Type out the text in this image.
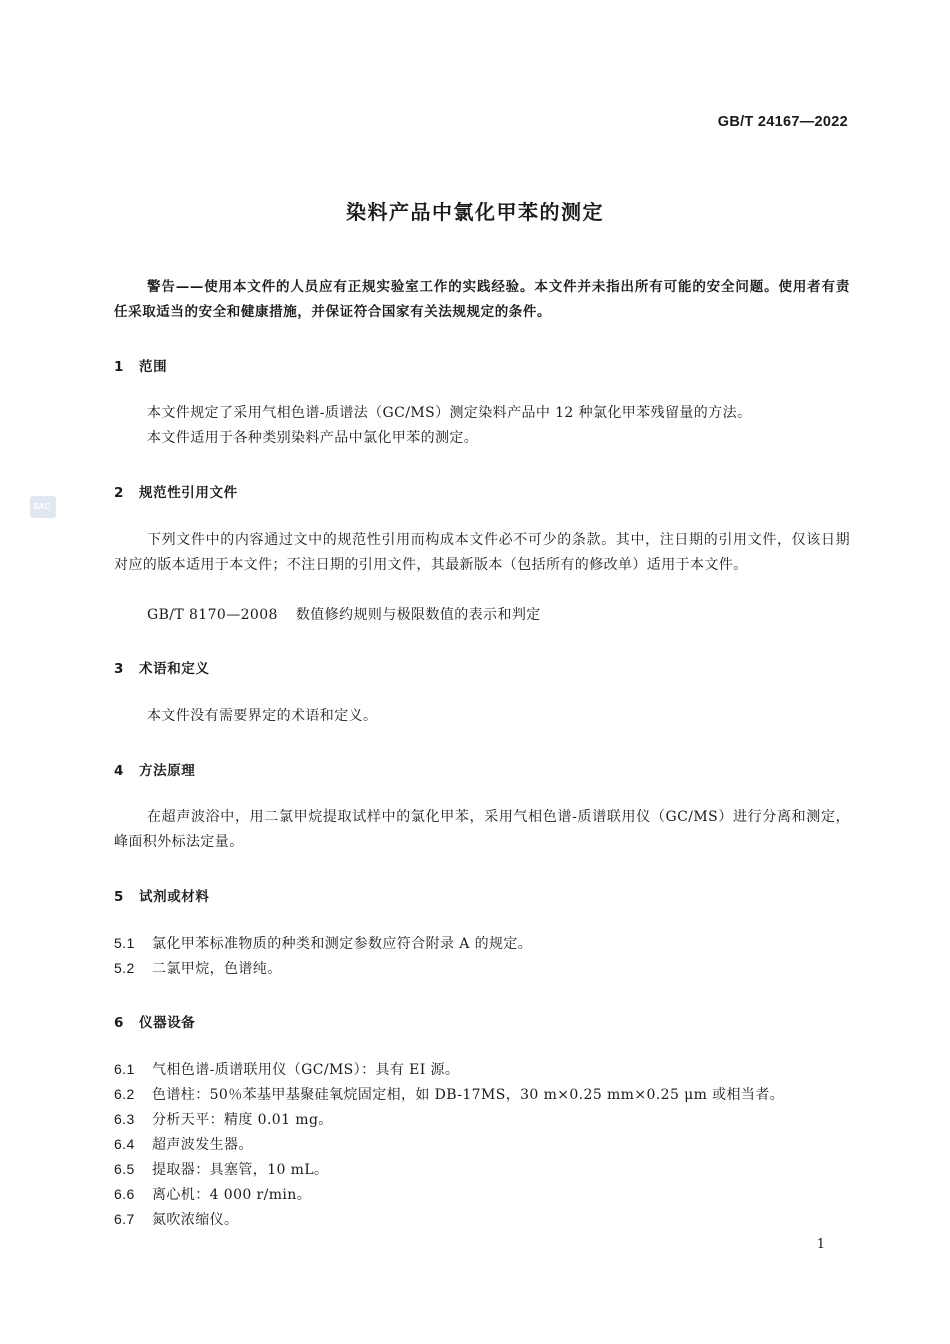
GB/T 24167—2022
染料产品中氯化甲苯的测定
警告——使用本文件的人员应有正规实验室工作的实践经验。本文件并未指出所有可能的安全问题。使用者有责任采取适当的安全和健康措施，并保证符合国家有关法规规定的条件。
1 范围
本文件规定了采用气相色谱-质谱法（GC/MS）测定染料产品中 12 种氯化甲苯残留量的方法。
本文件适用于各种类别染料产品中氯化甲苯的测定。
2 规范性引用文件
下列文件中的内容通过文中的规范性引用而构成本文件必不可少的条款。其中，注日期的引用文件，仅该日期对应的版本适用于本文件；不注日期的引用文件，其最新版本（包括所有的修改单）适用于本文件。
GB/T 8170—2008 数值修约规则与极限数值的表示和判定
SAC
3 术语和定义
本文件没有需要界定的术语和定义。
4 方法原理
在超声波浴中，用二氯甲烷提取试样中的氯化甲苯，采用气相色谱-质谱联用仪（GC/MS）进行分离和测定，峰面积外标法定量。
5 试剂或材料
5.1 氯化甲苯标准物质的种类和测定参数应符合附录 A 的规定。
5.2 二氯甲烷，色谱纯。
6 仪器设备
6.1 气相色谱-质谱联用仪（GC/MS）：具有 EI 源。
6.2 色谱柱：50％苯基甲基聚硅氧烷固定相，如 DB-17MS，30 m×0.25 mm×0.25 μm 或相当者。
6.3 分析天平：精度 0.01 mg。
6.4 超声波发生器。
6.5 提取器：具塞管，10 mL。
6.6 离心机：4 000 r/min。
6.7 氮吹浓缩仪。
1
